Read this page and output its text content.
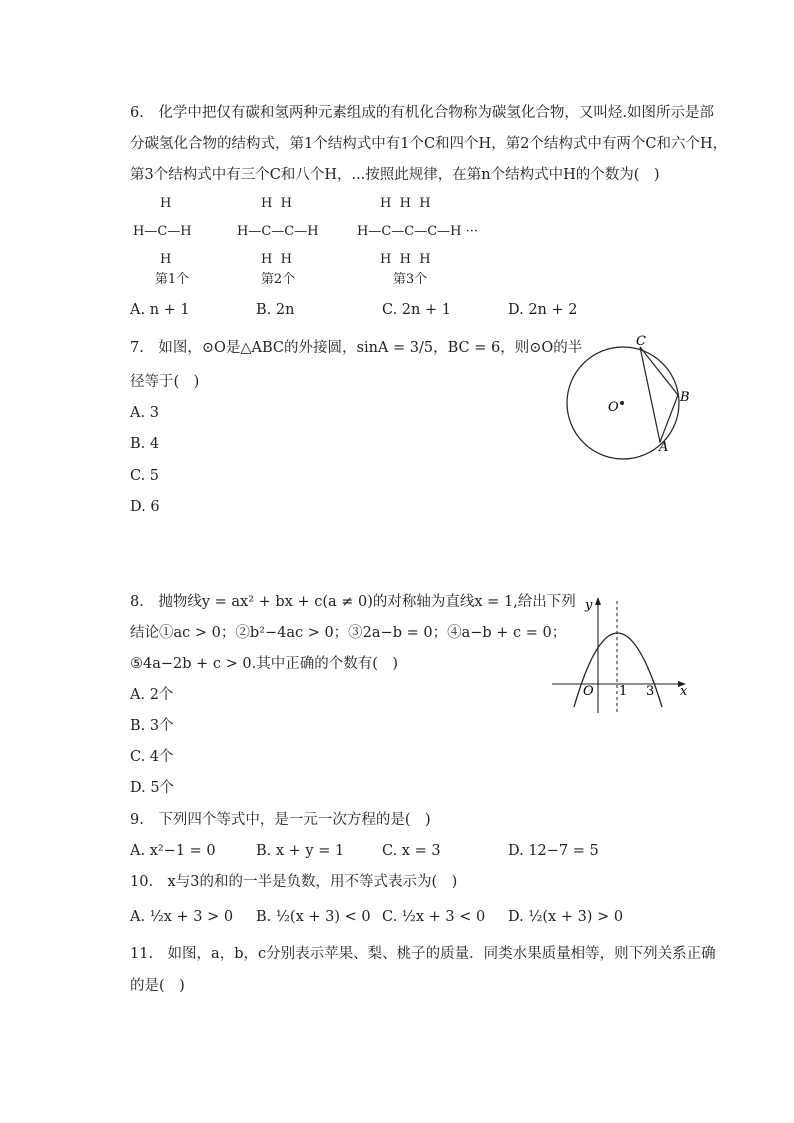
6.　化学中把仅有碳和氢两种元素组成的有机化合物称为碳氢化合物，又叫烃.如图所示是部
分碳氢化合物的结构式，第1个结构式中有1个C和四个H，第2个结构式中有两个C和六个H，
第3个结构式中有三个C和八个H，...按照此规律，在第n个结构式中H的个数为(　)
H
H—C—H
H
H  H
H—C—C—H
H  H
H  H  H
H—C—C—C—H ···
H  H  H
第1个	第2个	第3个
A. n + 1	B. 2n	C. 2n + 1	D. 2n + 2
7.　如图，⊙O是△ABC的外接圆，sinA = 3/5，BC = 6，则⊙O的半
径等于(　)
A. 3
B. 4
C. 5
D. 6
O
C
B
A
8.　抛物线y = ax² + bx + c(a ≠ 0)的对称轴为直线x = 1,给出下列
结论①ac > 0；②b²−4ac > 0；③2a−b = 0；④a−b + c = 0；
⑤4a−2b + c > 0.其中正确的个数有(　)
A. 2个
B. 3个
C. 4个
D. 5个
y
x
O 1 3
9.　下列四个等式中，是一元一次方程的是(　)
A. x²−1 = 0	B. x + y = 1	C. x = 3	D. 12−7 = 5
10.　x与3的和的一半是负数，用不等式表示为(　)
A. ½x + 3 > 0 B. ½(x + 3) < 0 C. ½x + 3 < 0 D. ½(x + 3) > 0
11.　如图，a，b，c分别表示苹果、梨、桃子的质量．同类水果质量相等，则下列关系正确
的是(　)
